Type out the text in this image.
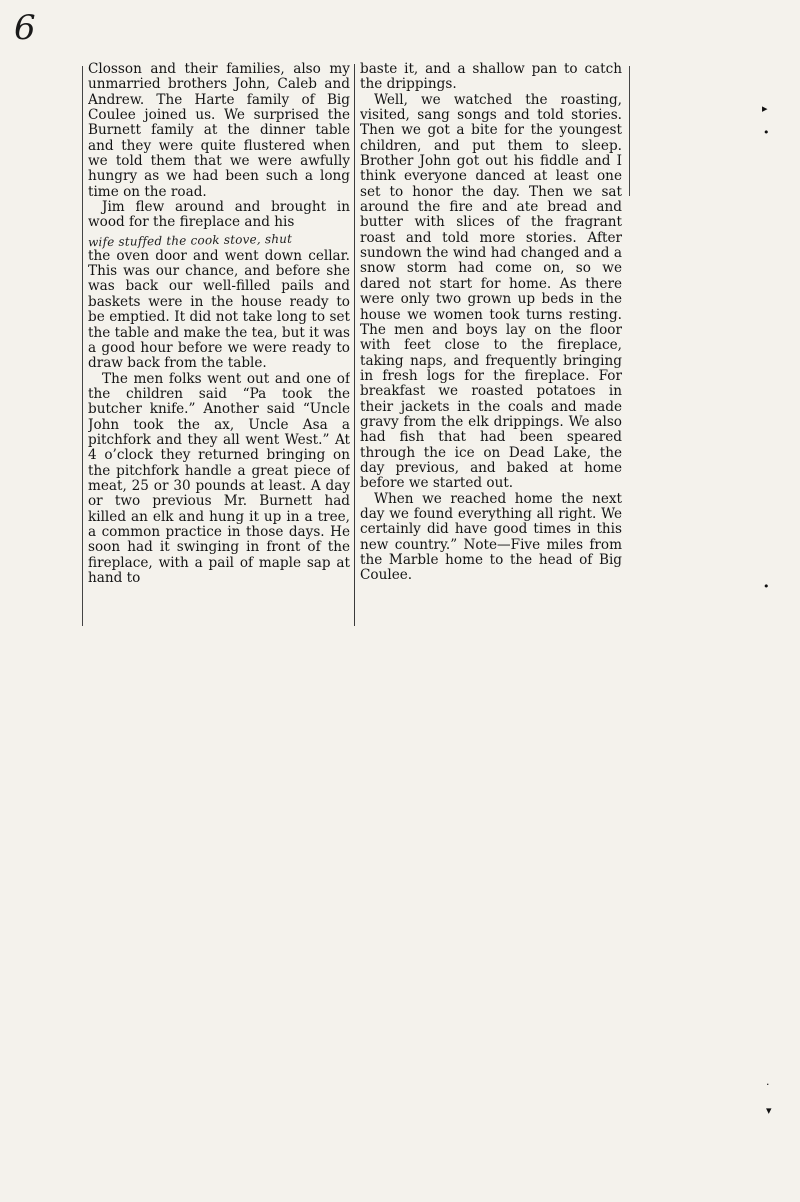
6

Closson and their families, also my unmarried brothers John, Caleb and Andrew. The Harte family of Big Coulee joined us. We surprised the Burnett family at the dinner table and they were quite flustered when we told them that we were awfully hungry as we had been such a long time on the road.

Jim flew around and brought in wood for the fireplace and his

wife stuffed the cook stove, shut

the oven door and went down cellar. This was our chance, and before she was back our well-filled pails and baskets were in the house ready to be emptied. It did not take long to set the table and make the tea, but it was a good hour before we were ready to draw back from the table.

The men folks went out and one of the children said “Pa took the butcher knife.” Another said “Uncle John took the ax, Uncle Asa a pitchfork and they all went West.” At 4 o’clock they returned bringing on the pitchfork handle a great piece of meat, 25 or 30 pounds at least. A day or two previous Mr. Burnett had killed an elk and hung it up in a tree, a common practice in those days. He soon had it swinging in front of the fireplace, with a pail of maple sap at hand to

baste it, and a shallow pan to catch the drippings.

Well, we watched the roasting, visited, sang songs and told stories. Then we got a bite for the youngest children, and put them to sleep. Brother John got out his fiddle and I think everyone danced at least one set to honor the day. Then we sat around the fire and ate bread and butter with slices of the fragrant roast and told more stories. After sundown the wind had changed and a snow storm had come on, so we dared not start for home. As there were only two grown up beds in the house we women took turns resting. The men and boys lay on the floor with feet close to the fireplace, taking naps, and frequently bringing in fresh logs for the fireplace. For breakfast we roasted potatoes in their jackets in the coals and made gravy from the elk drippings. We also had fish that had been speared through the ice on Dead Lake, the day previous, and baked at home before we started out.

When we reached home the next day we found everything all right. We certainly did have good times in this new country.” Note—Five miles from the Marble home to the head of Big Coulee.

▸
•
•
·
▾
